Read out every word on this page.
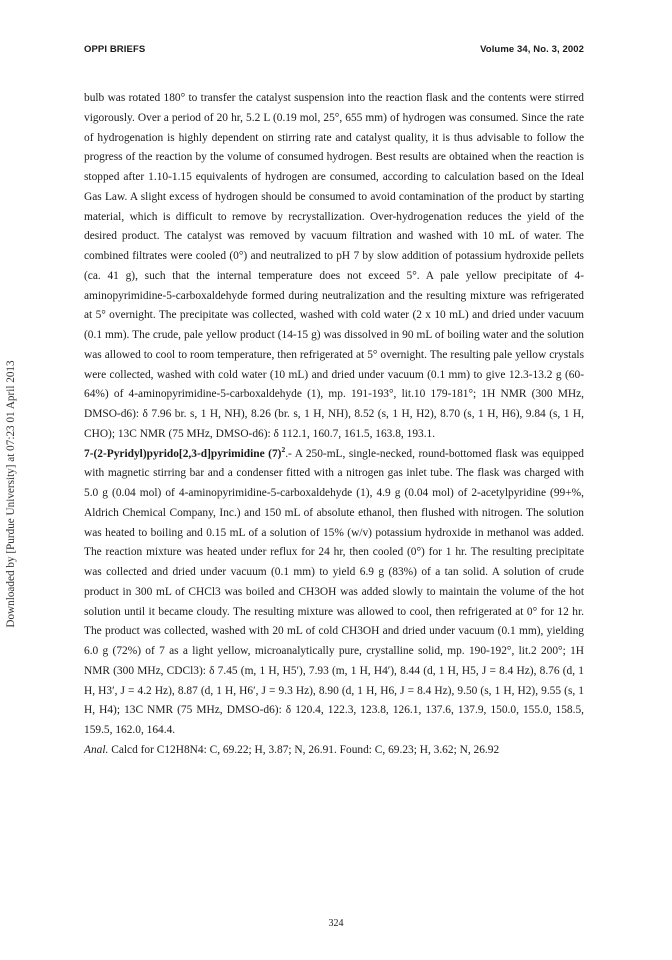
OPPI BRIEFS	Volume 34, No. 3, 2002
Downloaded by [Purdue University] at 07:23 01 April 2013

bulb was rotated 180° to transfer the catalyst suspension into the reaction flask and the contents were stirred vigorously. Over a period of 20 hr, 5.2 L (0.19 mol, 25°, 655 mm) of hydrogen was consumed. Since the rate of hydrogenation is highly dependent on stirring rate and catalyst quality, it is thus advisable to follow the progress of the reaction by the volume of consumed hydrogen. Best results are obtained when the reaction is stopped after 1.10-1.15 equivalents of hydrogen are consumed, according to calculation based on the Ideal Gas Law. A slight excess of hydrogen should be consumed to avoid contamination of the product by starting material, which is difficult to remove by recrystallization. Over-hydrogenation reduces the yield of the desired product. The catalyst was removed by vacuum filtration and washed with 10 mL of water. The combined filtrates were cooled (0°) and neutralized to pH 7 by slow addition of potassium hydroxide pellets (ca. 41 g), such that the internal temperature does not exceed 5°. A pale yellow precipitate of 4-aminopyrimidine-5-carboxaldehyde formed during neutralization and the resulting mixture was refrigerated at 5° overnight. The precipitate was collected, washed with cold water (2 x 10 mL) and dried under vacuum (0.1 mm). The crude, pale yellow product (14-15 g) was dissolved in 90 mL of boiling water and the solution was allowed to cool to room temperature, then refrigerated at 5° overnight. The resulting pale yellow crystals were collected, washed with cold water (10 mL) and dried under vacuum (0.1 mm) to give 12.3-13.2 g (60-64%) of 4-aminopyrimidine-5-carboxaldehyde (1), mp. 191-193°, lit.10 179-181°; 1H NMR (300 MHz, DMSO-d6): δ 7.96 br. s, 1 H, NH), 8.26 (br. s, 1 H, NH), 8.52 (s, 1 H, H2), 8.70 (s, 1 H, H6), 9.84 (s, 1 H, CHO); 13C NMR (75 MHz, DMSO-d6): δ 112.1, 160.7, 161.5, 163.8, 193.1.

7-(2-Pyridyl)pyrido[2,3-d]pyrimidine $(7)^2.-$ A 250-mL, single-necked, round-bottomed flask was equipped with magnetic stirring bar and a condenser fitted with a nitrogen gas inlet tube. The flask was charged with 5.0 g (0.04 mol) of 4-aminopyrimidine-5-carboxaldehyde (1), 4.9 g (0.04 mol) of 2-acetylpyridine (99+%, Aldrich Chemical Company, Inc.) and 150 mL of absolute ethanol, then flushed with nitrogen. The solution was heated to boiling and 0.15 mL of a solution of 15% (w/v) potassium hydroxide in methanol was added. The reaction mixture was heated under reflux for 24 hr, then cooled (0°) for 1 hr. The resulting precipitate was collected and dried under vacuum (0.1 mm) to yield 6.9 g (83%) of a tan solid. A solution of crude product in 300 mL of CHCl3 was boiled and CH3OH was added slowly to maintain the volume of the hot solution until it became cloudy. The resulting mixture was allowed to cool, then refrigerated at 0° for 12 hr. The product was collected, washed with 20 mL of cold CH3OH and dried under vacuum (0.1 mm), yielding 6.0 g (72%) of 7 as a light yellow, microanalytically pure, crystalline solid, mp. 190-192°, lit.2 200°; 1H NMR (300 MHz, CDCl3): δ 7.45 (m, 1 H, H5′), 7.93 (m, 1 H, H4′), 8.44 (d, 1 H, H5, J = 8.4 Hz), 8.76 (d, 1 H, H3′, J = 4.2 Hz), 8.87 (d, 1 H, H6′, J = 9.3 Hz), 8.90 (d, 1 H, H6, J = 8.4 Hz), 9.50 (s, 1 H, H2), 9.55 (s, 1 H, H4); 13C NMR (75 MHz, DMSO-d6): δ 120.4, 122.3, 123.8, 126.1, 137.6, 137.9, 150.0, 155.0, 158.5, 159.5, 162.0, 164.4.

Anal. Calcd for C12H8N4: C, 69.22; H, 3.87; N, 26.91. Found: C, 69.23; H, 3.62; N, 26.92

324
